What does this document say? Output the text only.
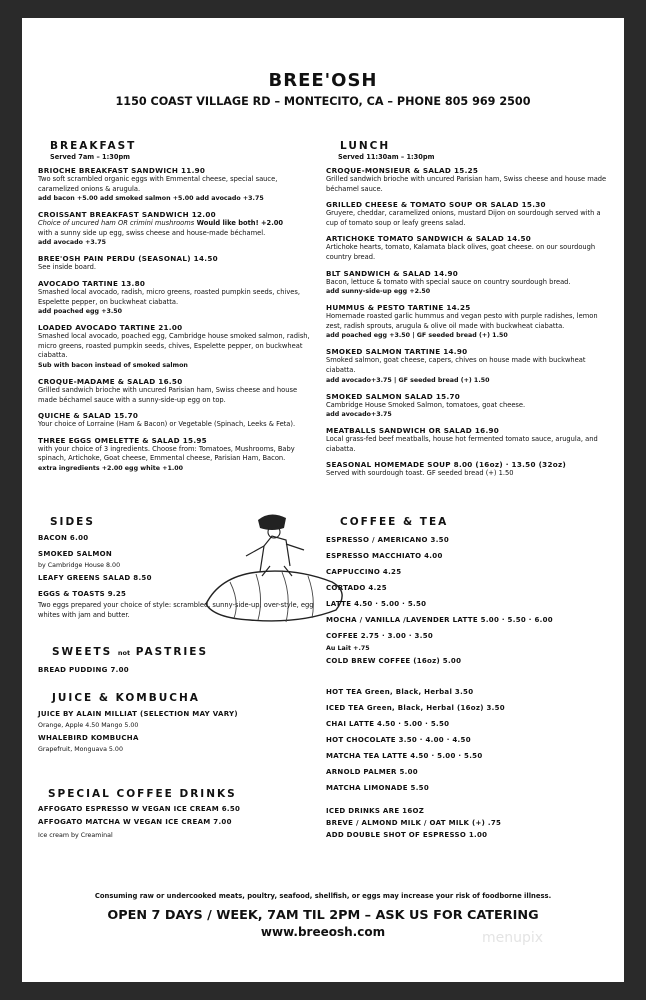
BREE'OSH
1150 COAST VILLAGE RD – MONTECITO, CA – PHONE 805 969 2500
BREAKFAST
Served 7am – 1:30pm
BRIOCHE BREAKFAST SANDWICH 11.90
Two soft scrambled organic eggs with Emmental cheese, special sauce, caramelized onions & arugula.
add bacon +5.00 add smoked salmon +5.00 add avocado +3.75
CROISSANT BREAKFAST SANDWICH 12.00
Choice of uncured ham OR crimini mushrooms Would like both! +2.00
with a sunny side up egg, swiss cheese and house-made béchamel.
add avocado +3.75
BREE'OSH PAIN PERDU (SEASONAL) 14.50
See inside board.
AVOCADO TARTINE 13.80
Smashed local avocado, radish, micro greens, roasted pumpkin seeds, chives, Espelette pepper, on buckwheat ciabatta.
add poached egg +3.50
LOADED AVOCADO TARTINE 21.00
Smashed local avocado, poached egg, Cambridge house smoked salmon, radish, micro greens, roasted pumpkin seeds, chives, Espelette pepper, on buckwheat ciabatta.
Sub with bacon instead of smoked salmon
CROQUE-MADAME & SALAD 16.50
Grilled sandwich brioche with uncured Parisian ham, Swiss cheese and house made béchamel sauce with a sunny-side-up egg on top.
QUICHE & SALAD 15.70
Your choice of Lorraine (Ham & Bacon) or Vegetable (Spinach, Leeks & Feta).
THREE EGGS OMELETTE & SALAD 15.95
with your choice of 3 ingredients. Choose from: Tomatoes, Mushrooms, Baby spinach, Artichoke, Goat cheese, Emmental cheese, Parisian Ham, Bacon.
extra ingredients +2.00 egg white +1.00
LUNCH
Served 11:30am – 1:30pm
CROQUE-MONSIEUR & SALAD 15.25
Grilled sandwich brioche with uncured Parisian ham, Swiss cheese and house made béchamel sauce.
GRILLED CHEESE & TOMATO SOUP OR SALAD 15.30
Gruyere, cheddar, caramelized onions, mustard Dijon on sourdough served with a cup of tomato soup or leafy greens salad.
ARTICHOKE TOMATO SANDWICH & SALAD 14.50
Artichoke hearts, tomato, Kalamata black olives, goat cheese. on our sourdough country bread.
BLT SANDWICH & SALAD 14.90
Bacon, lettuce & tomato with special sauce on country sourdough bread.
add sunny-side-up egg +2.50
HUMMUS & PESTO TARTINE 14.25
Homemade roasted garlic hummus and vegan pesto with purple radishes, lemon zest, radish sprouts, arugula & olive oil made with buckwheat ciabatta.
add poached egg +3.50 | GF seeded bread (+) 1.50
SMOKED SALMON TARTINE 14.90
Smoked salmon, goat cheese, capers, chives on house made with buckwheat ciabatta.
add avocado+3.75 | GF seeded bread (+) 1.50
SMOKED SALMON SALAD 15.70
Cambridge House Smoked Salmon, tomatoes, goat cheese.
add avocado+3.75
MEATBALLS SANDWICH OR SALAD 16.90
Local grass-fed beef meatballs, house hot fermented tomato sauce, arugula, and ciabatta.
SEASONAL HOMEMADE SOUP 8.00 (16oz) · 13.50 (32oz)
Served with sourdough toast. GF seeded bread (+) 1.50
SIDES
BACON 6.00
SMOKED SALMON
by Cambridge House 8.00
LEAFY GREENS SALAD 8.50
EGGS & TOASTS 9.25
Two eggs prepared your choice of style: scrambled, sunny-side-up, over-style, egg whites with jam and butter.
SWEETS not PASTRIES
BREAD PUDDING 7.00
JUICE & KOMBUCHA
JUICE BY ALAIN MILLIAT (SELECTION MAY VARY)
Orange, Apple 4.50 Mango 5.00
WHALEBIRD KOMBUCHA
Grapefruit, Monguava 5.00
SPECIAL COFFEE DRINKS
AFFOGATO ESPRESSO W VEGAN ICE CREAM 6.50
AFFOGATO MATCHA W VEGAN ICE CREAM 7.00
Ice cream by Creaminal
COFFEE & TEA
ESPRESSO / AMERICANO 3.50
ESPRESSO MACCHIATO 4.00
CAPPUCCINO 4.25
CORTADO 4.25
LATTE 4.50 · 5.00 · 5.50
MOCHA / VANILLA /LAVENDER LATTE 5.00 · 5.50 · 6.00
COFFEE 2.75 · 3.00 · 3.50
Au Lait +.75
COLD BREW COFFEE (16oz) 5.00
HOT TEA Green, Black, Herbal 3.50
ICED TEA Green, Black, Herbal (16oz) 3.50
CHAI LATTE 4.50 · 5.00 · 5.50
HOT CHOCOLATE 3.50 · 4.00 · 4.50
MATCHA TEA LATTE 4.50 · 5.00 · 5.50
ARNOLD PALMER 5.00
MATCHA LIMONADE 5.50
ICED DRINKS ARE 16OZ
BREVE / ALMOND MILK / OAT MILK (+) .75
ADD DOUBLE SHOT OF ESPRESSO 1.00
Consuming raw or undercooked meats, poultry, seafood, shellfish, or eggs may increase your risk of foodborne illness.
OPEN 7 DAYS / WEEK, 7AM TIL 2PM – ASK US FOR CATERING
www.breeosh.com	menupix
